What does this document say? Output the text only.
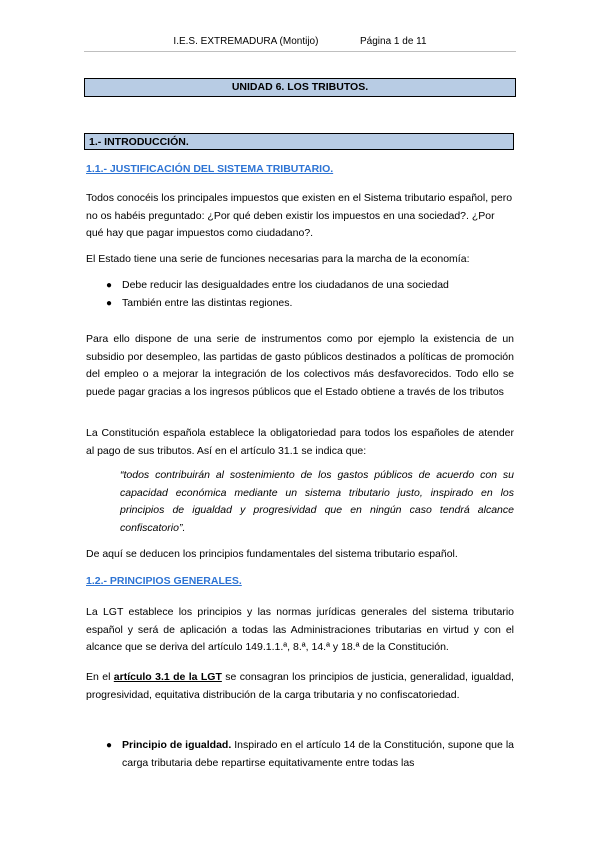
I.E.S. EXTREMADURA (Montijo)	Página 1 de 11
UNIDAD 6. LOS TRIBUTOS.
1.- INTRODUCCIÓN.
1.1.- JUSTIFICACIÓN DEL SISTEMA TRIBUTARIO.
Todos conocéis los principales impuestos que existen en el Sistema tributario español, pero no os habéis preguntado: ¿Por qué deben existir los impuestos en una sociedad?. ¿Por qué hay que pagar impuestos como ciudadano?.
El Estado tiene una serie de funciones necesarias para la marcha de la economía:
● Debe reducir las desigualdades entre los ciudadanos de una sociedad
● También entre las distintas regiones.
Para ello dispone de una serie de instrumentos como por ejemplo la existencia de un subsidio por desempleo, las partidas de gasto públicos destinados a políticas de promoción del empleo o a mejorar la integración de los colectivos más desfavorecidos. Todo ello se puede pagar gracias a los ingresos públicos que el Estado obtiene a través de los tributos
La Constitución española establece la obligatoriedad para todos los españoles de atender al pago de sus tributos. Así en el artículo 31.1 se indica que:
“todos contribuirán al sostenimiento de los gastos públicos de acuerdo con su capacidad económica mediante un sistema tributario justo, inspirado en los principios de igualdad y progresividad que en ningún caso tendrá alcance confiscatorio”.
De aquí se deducen los principios fundamentales del sistema tributario español.
1.2.- PRINCIPIOS GENERALES.
La LGT establece los principios y las normas jurídicas generales del sistema tributario español y será de aplicación a todas las Administraciones tributarias en virtud y con el alcance que se deriva del artículo 149.1.1.ª, 8.ª, 14.ª y 18.ª de la Constitución.
En el artículo 3.1 de la LGT se consagran los principios de justicia, generalidad, igualdad, progresividad, equitativa distribución de la carga tributaria y no confiscatoriedad.
● Principio de igualdad. Inspirado en el artículo 14 de la Constitución, supone que la carga tributaria debe repartirse equitativamente entre todas las
